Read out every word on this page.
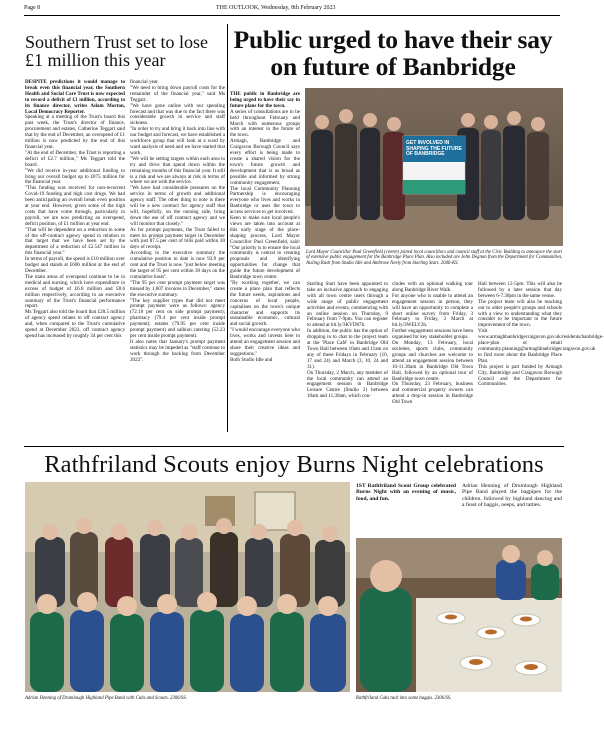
Page 8	THE OUTLOOK, Wednesday, 8th February 2023
Southern Trust set to lose £1 million this year

DESPITE predictions it would manage to break even this financial year, the Southern Health and Social Care Trust is now expected to record a deficit of £1 million, according to its finance director, writes Adam Morton, Local Democracy Reporter.

Speaking at a meeting of the Trust's board this past week, the Trust's director of finance, procurement and estates, Catherine Teggart said that by the end of December, an overspend of £1 million is now predicted by the end of this financial year.

"At the end of December, the Trust is reporting a deficit of £2.7 million," Ms Teggart told the board.

"We did receive in-year additional funding to bring our overall budget up to £875 million for the financial year.

"This funding was received for non-recurrent Covid-19 funding and high cost drugs. We had been anticipating an overall break even position at year end. However, given some of the high costs that have come through, particularly in payroll, we are now predicting an overspend, deficit position, of £1 million at year end.

"That will be dependent on a reduction in some of the off-contract agency spend in relation to that target that we have been set by the department of a reduction of £2.547 million in this financial year."

In terms of payroll, the spend is £10 million over budget and stands at £606 million at the end of December.

The main areas of overspend continue to be in medical and nursing, which have expenditure in excess of budget of £6.8 million and £8.6 million respectively, according to an executive summary of the Trust's financial performance report.

Ms Teggart also told the board that £28.5 million of agency spend relates to off contract agency and, when compared to the Trust's cumulative spend at December 2022, off contract agency spend has increased by roughly 34 per cent this

financial year.

"We need to bring down payroll costs for the remainder of the financial year," said Ms Teggart.

"We have gone online with our spending forecast and that was due to the fact there was considerable growth in service and staff sickness.

"In order to try and bring it back into line with our budget and forecast, we have established a workforce group that will look at a ward by ward analysis of need and we have started that work.

"We will be setting targets within each area to try and drive that spend down within the remaining months of this financial year. It still is a risk and we are always at risk in terms of where we are with the service.

"We have had considerable pressures on the service in terms of growth and additional agency staff. The other thing to note is there will be a new contract for agency staff that will, hopefully, on the nursing side, bring down the use of off contract agency and we will monitor that closely."

As for prompt payments, the Trust failed to meet its prompt payment target in December with just 87.5 per cent of bills paid within 30 days of receipt.

According to the executive summary the cumulative position to date is now 93.9 per cent and the Trust is now "just below meeting the target of 95 per cent within 30 days on the cumulative basis".

"The 95 per cent prompt payment target was missed by 1,607 invoices in December," states the executive summary.

"The key supplier types that did not meet prompt payment were as follows: agency (72.18 per cent on side prompt payment); pharmacy (79.4 per cent inside prompt payment); estates (79.95 per cent inside prompt payment) and salbion catering (52.23 per cent inside prompt payment).

It also notes that January's prompt payment statistics may be impeded as "staff continue to work through the backlog from December 2022".

Public urged to have their say on future of Banbridge

THE public in Banbridge are being urged to have their say in future plans for the town.

A series of consultations are to be held throughout February and March with numerous groups with an interest in the future of the town.

Armagh, Banbridge and Craigavon Borough Council says every effort is being made to create a shared vision for the town's future growth and development that is as broad as possible and informed by strong community engagement.

The local Community Planning Partnership is encouraging everyone who lives and works in Banbridge or uses the town to access services to get involved.

Keen to make sure local people's views are taken into account at this early stage of the place-shaping process, Lord Mayor Councillor Paul Greenfield, said: "Our priority is to ensure the local community is central to creating proposals and identifying opportunities for change that guide the future development of Banbridge town centre.

"By working together, we can create a place plan that reflects the future needs, aspirations and concerns of local people, capitalises on the town's unique character and supports its sustainable economic, cultural and social growth.

"I would encourage everyone who lives, works and invests here to attend an engagement session and share their creative ideas and suggestions."

Both Studio Idle and

GET INVOLVED IN SHAPING THE FUTURE OF BANBRIDGE
Lord Mayor Councillor Paul Greenfield (centre) joined local councillors and council staff at the Civic Building to announce the start of extensive public engagement for the Banbridge Place Plan. Also included are John Degnan from the Department for Communities, Aisling Rush from Studio Idle and Ambrose Neely from Starling Start. 2046-KS.

Starling Start have been appointed to take an inclusive approach to engaging with all town centre users through a wide range of public engagement activities and events, commencing with an online session on Thursday, 9 February from 7-9pm. You can register to attend at bit.ly/3KVD87b.

In addition, the public has the option of dropping in to chat to the project team at the 'Place Café' in Banbridge Old Town Hall between 10am and 11am on any of these Fridays in February (10, 17 and 24) and March (3, 10, 24 and 31).

On Thursday, 2 March, any member of the local community can attend an engagement session in Banbridge Leisure Centre (Studio 2) between 10am and 11.30am, which con-

cludes with an optional walking tour along Banbridge River Walk.

For anyone who is unable to attend an engagement session in person, they will have an opportunity to complete a short online survey from Friday, 3 February to Friday, 3 March at bit.ly/3WELV2h.

Further engagement sessions have been organised for key stakeholder groups.

On Monday, 13 February, local societies, sports clubs, community groups and churches are welcome to attend an engagement session between 10-11.30am in Banbridge Old Town Hall, followed by an optional tour of Banbridge town centre.

On Thursday, 23 February, business and commercial property owners can attend a drop-in session in Banbridge Old Town

Hall between 12-5pm. This will also be followed by a later session that day between 6-7.30pm in the same venue.

The project team will also be reaching out to older people's groups and schools with a view to understanding what they consider to be important to the future improvement of the town.

Visit www.armaghbanbridgecraigavon.gov.uk/residents/banbridge-place-plan or email community.planning@armaghbanbridgecraigavon.gov.uk to find more about the Banbridge Place Plan.

This project is part funded by Armagh City, Banbridge and Craigavon Borough Council and the Department for Communities.

Rathfriland Scouts enjoy Burns Night celebrations
Adrian Henning of Drumlough Highland Pipe Band with Cubs and Scouts. 2306/SS.

1ST Rathfriland Scout Group celebrated Burns Night with an evening of music, food, and fun.

Adrian Henning of Drumlough Highland Pipe Band played the bagpipes for the children, followed by highland dancing and a feast of haggis, neeps, and tatties.

Rathfriland Cubs tuck into some haggis. 2306/SS.
